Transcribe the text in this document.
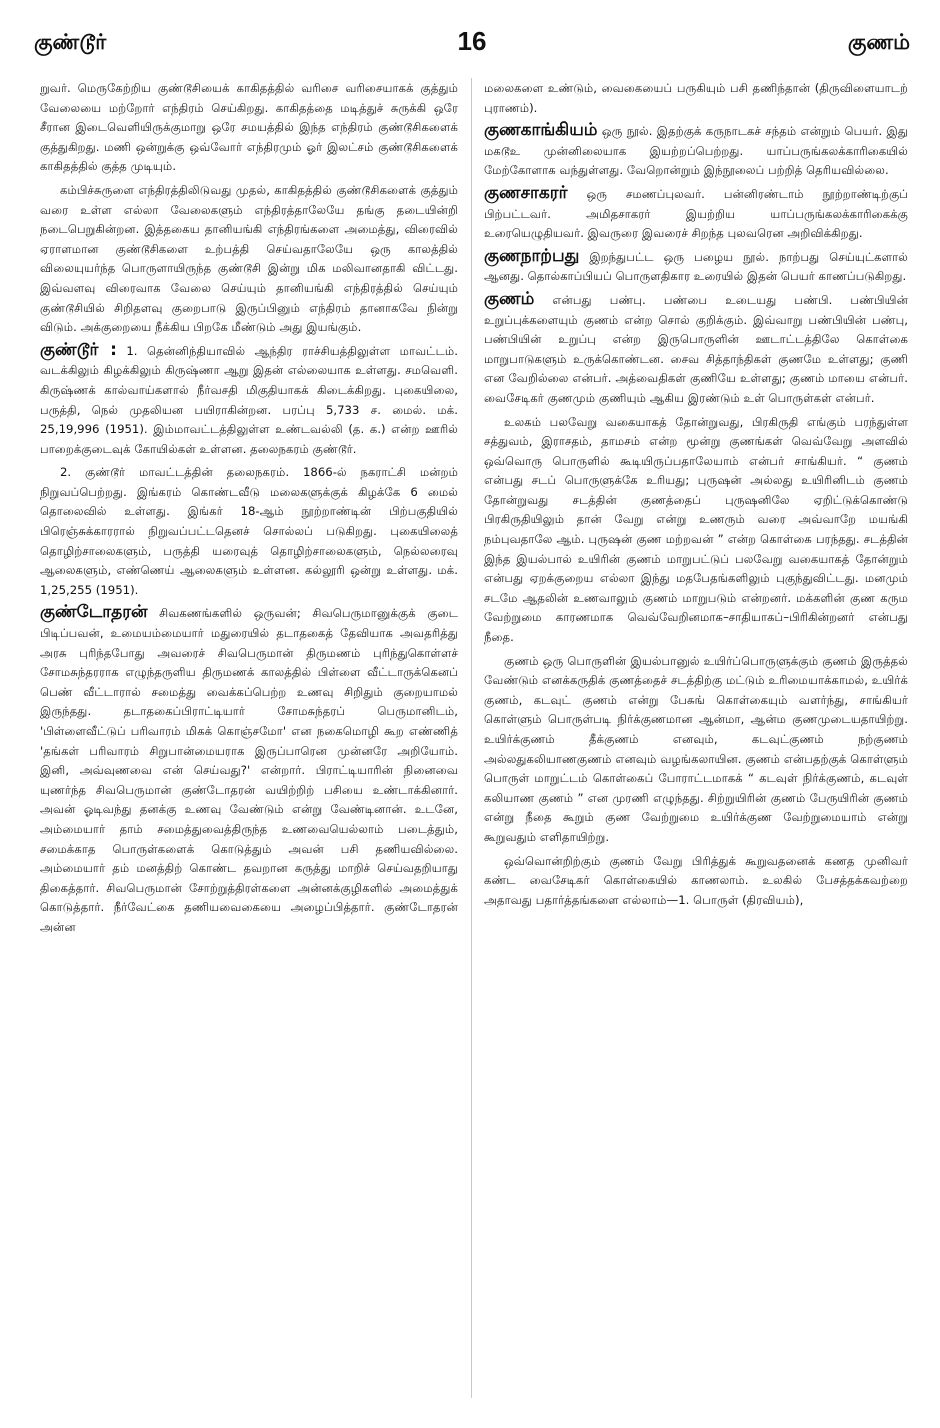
குண்டூர்	16	குணம்

றுவர். மெருகேற்றிய குண்டூசியைக் காகிதத்தில் வரிசை வரிசையாகக் குத்தும் வேலையை மற்றோர் எந்திரம் செய்கிறது. காகிதத்தை மடித்துச் சுருக்கி ஒரே சீரான இடைவெளியிருக்குமாறு ஒரே சமயத்தில் இந்த எந்திரம் குண்டூசிகளைக் குத்துகிறது. மணி ஒன்றுக்கு ஒவ்வோர் எந்திரமும் ஓர் இலட்சம் குண்டூசிகளைக் காகிதத்தில் குத்த முடியும்.

கம்பிச்சுருளை எந்திரத்திலிடுவது முதல், காகிதத்தில் குண்டூசிகளைக் குத்தும் வரை உள்ள எல்லா வேலைகளும் எந்திரத்தாலேயே தங்கு தடையின்றி நடைபெறுகின்றன. இத்தகைய தானியங்கி எந்திரங்களை அமைத்து, விரைவில் ஏராளமான குண்டூசிகளை உற்பத்தி செய்வதாலேயே ஒரு காலத்தில் விலையுயர்ந்த பொருளாயிருந்த குண்டூசி இன்று மிக மலிவானதாகி விட்டது. இவ்வளவு விரைவாக வேலை செய்யும் தானியங்கி எந்திரத்தில் செய்யும் குண்டூசியில் சிறிதளவு குறைபாடு இருப்பினும் எந்திரம் தானாகவே நின்று விடும். அக்குறையை நீக்கிய பிறகே மீண்டும் அது இயங்கும்.

குண்டூர் : 1. தென்னிந்தியாவில் ஆந்திர ராச்சியத்திலுள்ள மாவட்டம். வடக்கிலும் கிழக்கிலும் கிருஷ்ணா ஆறு இதன் எல்லையாக உள்ளது. சமவெளி. கிருஷ்ணக் கால்வாய்களால் நீர்வசதி மிகுதியாகக் கிடைக்கிறது. புகையிலை, பருத்தி, நெல் முதலியன பயிராகின்றன. பரப்பு 5,733 ச. மைல். மக். 25,19,996 (1951). இம்மாவட்டத்திலுள்ள உண்டவல்லி (த. க.) என்ற ஊரில் பாறைக்குடைவுக் கோயில்கள் உள்ளன. தலைநகரம் குண்டூர்.

2. குண்டூர் மாவட்டத்தின் தலைநகரம். 1866-ல் நகராட்சி மன்றம் நிறுவப்பெற்றது. இங்கரம் கொண்டவீடு மலைகளுக்குக் கிழக்கே 6 மைல் தொலைவில் உள்ளது. இங்கர் 18-ஆம் நூற்றாண்டின் பிற்பகுதியில் பிரெஞ்சுக்காரரால் நிறுவப்பட்டதெனச் சொல்லப் படுகிறது. புகையிலைத் தொழிற்சாலைகளும், பருத்தி யரைவுத் தொழிற்சாலைகளும், நெல்லரைவு ஆலைகளும், எண்ணெய் ஆலைகளும் உள்ளன. கல்லூரி ஒன்று உள்ளது. மக். 1,25,255 (1951).

குண்டோதரன் சிவகணங்களில் ஒருவன்; சிவபெருமானுக்குக் குடை பிடிப்பவன், உமையம்மையார் மதுரையில் தடாதகைத் தேவியாக அவதரித்து அரசு புரிந்தபோது அவரைச் சிவபெருமான் திருமணம் புரிந்துகொள்ளச் சோமசுந்தரராக எழுந்தருளிய திருமணக் காலத்தில் பிள்ளை வீட்டாருக்கெனப் பெண் வீட்டாரால் சமைத்து வைக்கப்பெற்ற உணவு சிறிதும் குறையாமல் இருந்தது. தடாதகைப்பிராட்டியார் சோமசுந்தரப் பெருமானிடம், 'பிள்ளைவீட்டுப் பரிவாரம் மிகக் கொஞ்சமோ' என நகைமொழி கூற எண்ணித் 'தங்கள் பரிவாரம் சிறுபான்மையராக இருப்பாரென முன்னரே அறியோம். இனி, அவ்வுணவை என் செய்வது?' என்றார். பிராட்டியாரின் நினைவை யுணர்ந்த சிவபெருமான் குண்டோதரன் வயிற்றிற் பசியை உண்டாக்கினார். அவன் ஓடிவந்து தனக்கு உணவு வேண்டும் என்று வேண்டினான். உடனே, அம்மையார் தாம் சமைத்துவைத்திருந்த உணவையெல்லாம் படைத்தும், சமைக்காத பொருள்களைக் கொடுத்தும் அவன் பசி தணியவில்லை. அம்மையார் தம் மனத்திற் கொண்ட தவறான கருத்து மாறிச் செய்வதறியாது திகைத்தார். சிவபெருமான் சோற்றுத்திரள்களை அன்னக்குழிகளில் அமைத்துக் கொடுத்தார். நீர்வேட்கை தணியவைகையை அழைப்பித்தார். குண்டோதரன் அன்ன

மலைகளை உண்டும், வைகையைப் பருகியும் பசி தணிந்தான் (திருவிளையாடற் புராணம்).

குணகாங்கியம் ஒரு நூல். இதற்குக் கருநாடகச் சந்தம் என்றும் பெயர். இது மகடூஉ முன்னிலையாக இயற்றப்பெற்றது. யாப்பருங்கலக்காரிகையில் மேற்கோளாக வந்துள்ளது. வேறொன்றும் இந்நூலைப் பற்றித் தெரியவில்லை.

குணசாகரர் ஒரு சமணப்புலவர். பன்னிரண்டாம் நூற்றாண்டிற்குப் பிற்பட்டவர். அமிதசாகரர் இயற்றிய யாப்பருங்கலக்காரிகைக்கு உரையெழுதியவர். இவருரை இவரைச் சிறந்த புலவரென அறிவிக்கிறது.

குணநாற்பது இறந்துபட்ட ஒரு பழைய நூல். நாற்பது செய்யுட்களால் ஆனது. தொல்காப்பியப் பொருளதிகார உரையில் இதன் பெயர் காணப்படுகிறது.

குணம் என்பது பண்பு. பண்பை உடையது பண்பி. பண்பியின் உறுப்புக்களையும் குணம் என்ற சொல் குறிக்கும். இவ்வாறு பண்பியின் பண்பு, பண்பியின் உறுப்பு என்ற இருபொருளின் ஊடாட்டத்திலே கொள்கை மாறுபாடுகளும் உருக்கொண்டன. சைவ சித்தாந்திகள் குணமே உள்ளது; குணி என வேறில்லை என்பர். அத்வைதிகள் குணியே உள்ளது; குணம் மாயை என்பர். வைசேடிகர் குணமும் குணியும் ஆகிய இரண்டும் உள் பொருள்கள் என்பர்.

உலகம் பலவேறு வகையாகத் தோன்றுவது, பிரகிருதி எங்கும் பரந்துள்ள சத்துவம், இராசதம், தாமசம் என்ற மூன்று குணங்கள் வெவ்வேறு அளவில் ஒவ்வொரு பொருளில் கூடியிருப்பதாலேயாம் என்பர் சாங்கியர். “ குணம் என்பது சடப் பொருளுக்கே உரியது; புருஷன் அல்லது உயிரினிடம் குணம் தோன்றுவது சடத்தின் குணத்தைப் புருஷனிலே ஏறிட்டுக்கொண்டு பிரகிருதியிலும் தான் வேறு என்று உணரும் வரை அவ்வாறே மயங்கி நம்புவதாலே ஆம். புருஷன் குண மற்றவன் ” என்ற கொள்கை பரந்தது. சடத்தின் இந்த இயல்பால் உயிரின் குணம் மாறுபட்டுப் பலவேறு வகையாகத் தோன்றும் என்பது ஏறக்குறைய எல்லா இந்து மதபேதங்களிலும் புகுந்துவிட்டது. மனமும் சடமே ஆதலின் உணவாலும் குணம் மாறுபடும் என்றனர். மக்களின் குண கரும வேற்றுமை காரணமாக வெவ்வேறினமாக–சாதியாகப்–பிரிகின்றனர் என்பது நீதை.

குணம் ஒரு பொருளின் இயல்பானுல் உயிர்ப்பொருளுக்கும் குணம் இருத்தல் வேண்டும் எனக்கருதிக் குணத்தைச் சடத்திற்கு மட்டும் உரிமையாக்காமல், உயிர்க் குணம், கடவுட் குணம் என்று பேசுங் கொள்கையும் வளர்ந்து, சாங்கியர் கொள்ளும் பொருள்படி நிர்க்குணமான ஆன்மா, ஆன்ம குணமுடையதாயிற்று. உயிர்க்குணம் தீக்குணம் எனவும், கடவுட்குணம் நற்குணம் அல்லதுகலியாணகுணம் எனவும் வழங்கலாயின. குணம் என்பதற்குக் கொள்ளும் பொருள் மாறுட்டம் கொள்கைப் போராட்டமாகக் “ கடவுள் நிர்க்குணம், கடவுள் கலியாண குணம் ” என முரணி எழுந்தது. சிற்றுயிரின் குணம் பேருயிரின் குணம் என்று நீதை கூறும் குண வேற்றுமை உயிர்க்குண வேற்றுமையாம் என்று கூறுவதும் எளிதாயிற்று.

ஒவ்வொன்றிற்கும் குணம் வேறு பிரித்துக் கூறுவதனைக் கணத முனிவர் கண்ட வைசேடிகர் கொள்கையில் காணலாம். உலகில் பேசத்தக்கவற்றை அதாவது பதார்த்தங்களை எல்லாம்—1. பொருள் (திரவியம்),
